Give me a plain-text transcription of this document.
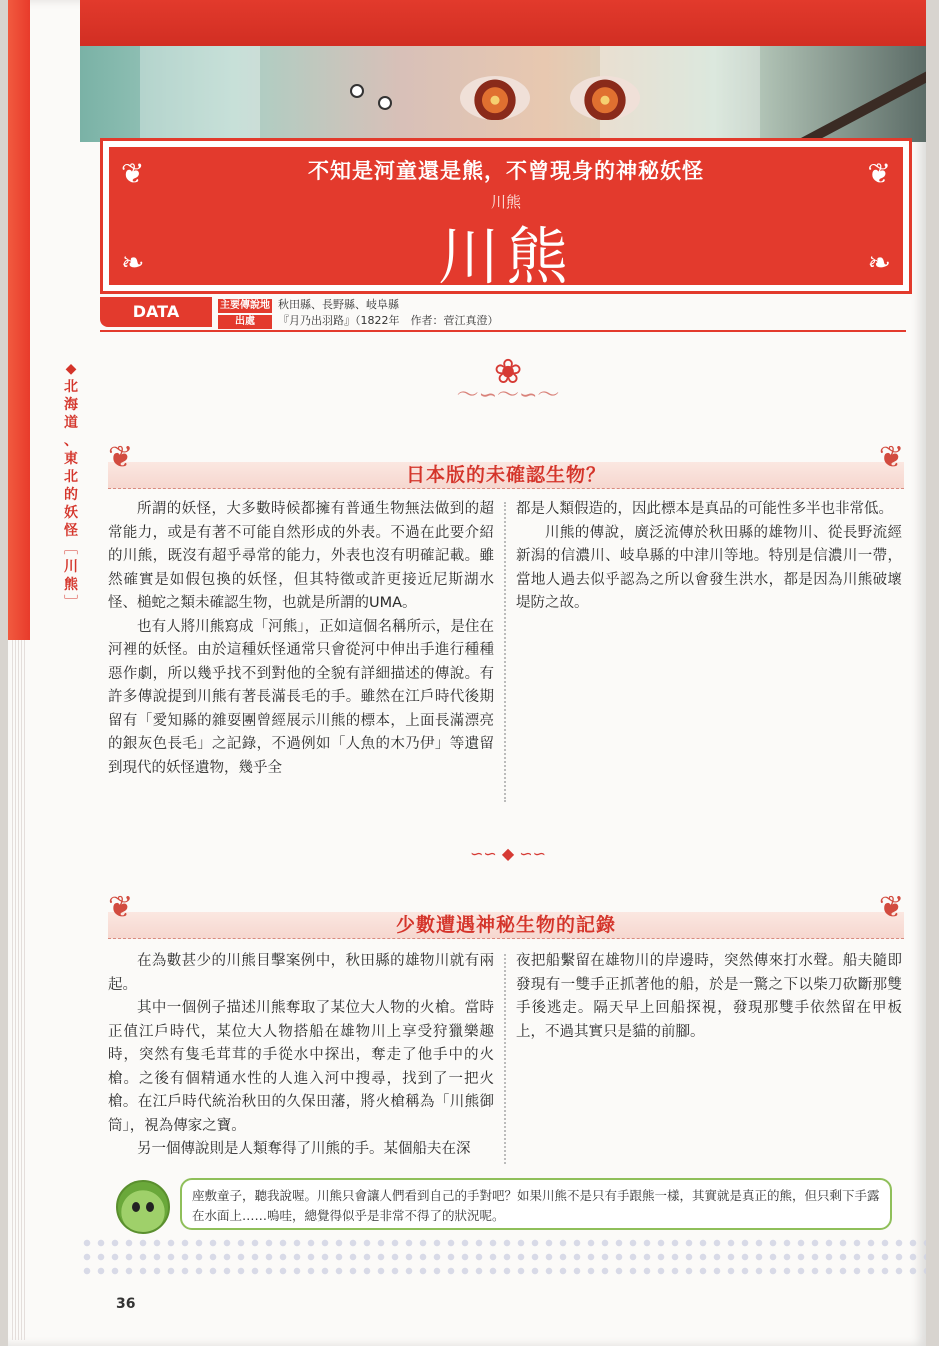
不知是河童還是熊，不曾現身的神秘妖怪
川熊
川熊
❦	❦
❧	❧
DATA	主要傳說地 秋田縣、長野縣、岐阜縣
出處 『月乃出羽路』（1822年　作者：菅江真澄）
◆
北
海
道
、
東
北
的
妖
怪
﹇
川
熊
﹈
❀
〜∽〜∽〜
日本版的未確認生物？
❦	❦

所謂的妖怪，大多數時候都擁有普通生物無法做到的超常能力，或是有著不可能自然形成的外表。不過在此要介紹的川熊，既沒有超乎尋常的能力，外表也沒有明確記載。雖然確實是如假包換的妖怪，但其特徵或許更接近尼斯湖水怪、槌蛇之類未確認生物，也就是所謂的UMA。

也有人將川熊寫成「河熊」，正如這個名稱所示，是住在河裡的妖怪。由於這種妖怪通常只會從河中伸出手進行種種惡作劇，所以幾乎找不到對他的全貌有詳細描述的傳說。有許多傳說提到川熊有著長滿長毛的手。雖然在江戶時代後期留有「愛知縣的雜耍團曾經展示川熊的標本，上面長滿漂亮的銀灰色長毛」之記錄，不過例如「人魚的木乃伊」等遺留到現代的妖怪遺物，幾乎全

都是人類假造的，因此標本是真品的可能性多半也非常低。

川熊的傳說，廣泛流傳於秋田縣的雄物川、從長野流經新潟的信濃川、岐阜縣的中津川等地。特別是信濃川一帶，當地人過去似乎認為之所以會發生洪水，都是因為川熊破壞堤防之故。

∽∽ ◆ ∽∽
少數遭遇神秘生物的記錄
❦	❦

在為數甚少的川熊目擊案例中，秋田縣的雄物川就有兩起。

其中一個例子描述川熊奪取了某位大人物的火槍。當時正值江戶時代，某位大人物搭船在雄物川上享受狩獵樂趣時，突然有隻毛茸茸的手從水中探出，奪走了他手中的火槍。之後有個精通水性的人進入河中搜尋，找到了一把火槍。在江戶時代統治秋田的久保田藩，將火槍稱為「川熊御筒」，視為傳家之寶。

另一個傳說則是人類奪得了川熊的手。某個船夫在深

夜把船繫留在雄物川的岸邊時，突然傳來打水聲。船夫隨即發現有一雙手正抓著他的船，於是一驚之下以柴刀砍斷那雙手後逃走。隔天早上回船探視，發現那雙手依然留在甲板上，不過其實只是貓的前腳。

座敷童子，聽我說喔。川熊只會讓人們看到自己的手對吧？如果川熊不是只有手跟熊一樣，其實就是真正的熊，但只剩下手露在水面上……嗚哇，總覺得似乎是非常不得了的狀況呢。
36
